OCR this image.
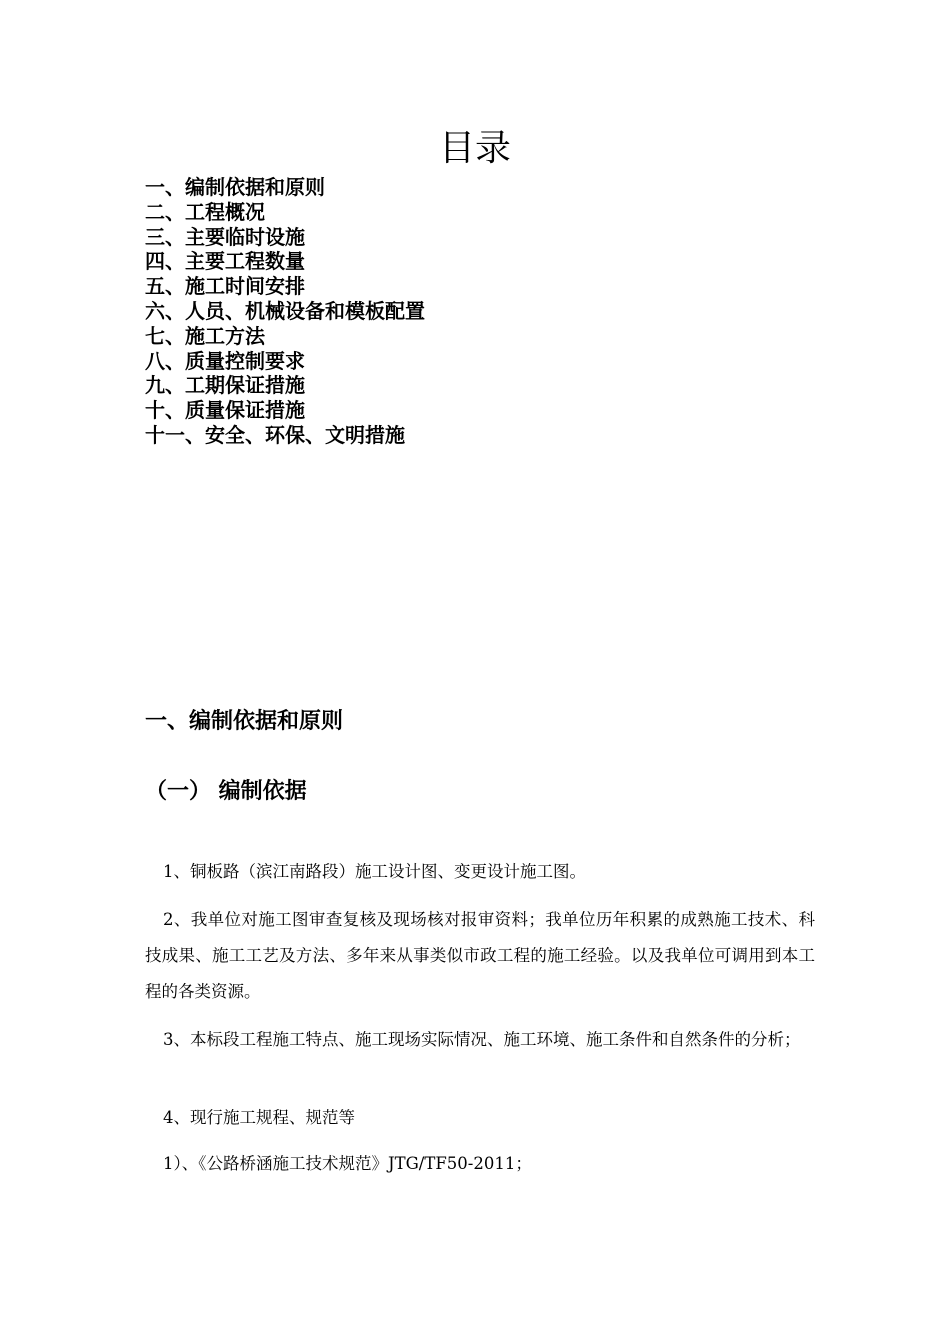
目录
一、编制依据和原则
二、工程概况
三、主要临时设施
四、主要工程数量
五、施工时间安排
六、人员、机械设备和模板配置
七、施工方法
八、质量控制要求
九、工期保证措施
十、质量保证措施
十一、安全、环保、文明措施
一、编制依据和原则
（一） 编制依据

1、铜板路（滨江南路段）施工设计图、变更设计施工图。

2、我单位对施工图审查复核及现场核对报审资料；我单位历年积累的成熟施工技术、科技成果、施工工艺及方法、多年来从事类似市政工程的施工经验。以及我单位可调用到本工程的各类资源。

3、本标段工程施工特点、施工现场实际情况、施工环境、施工条件和自然条件的分析；

4、现行施工规程、规范等

1）、《公路桥涵施工技术规范》JTG/TF50-2011；
